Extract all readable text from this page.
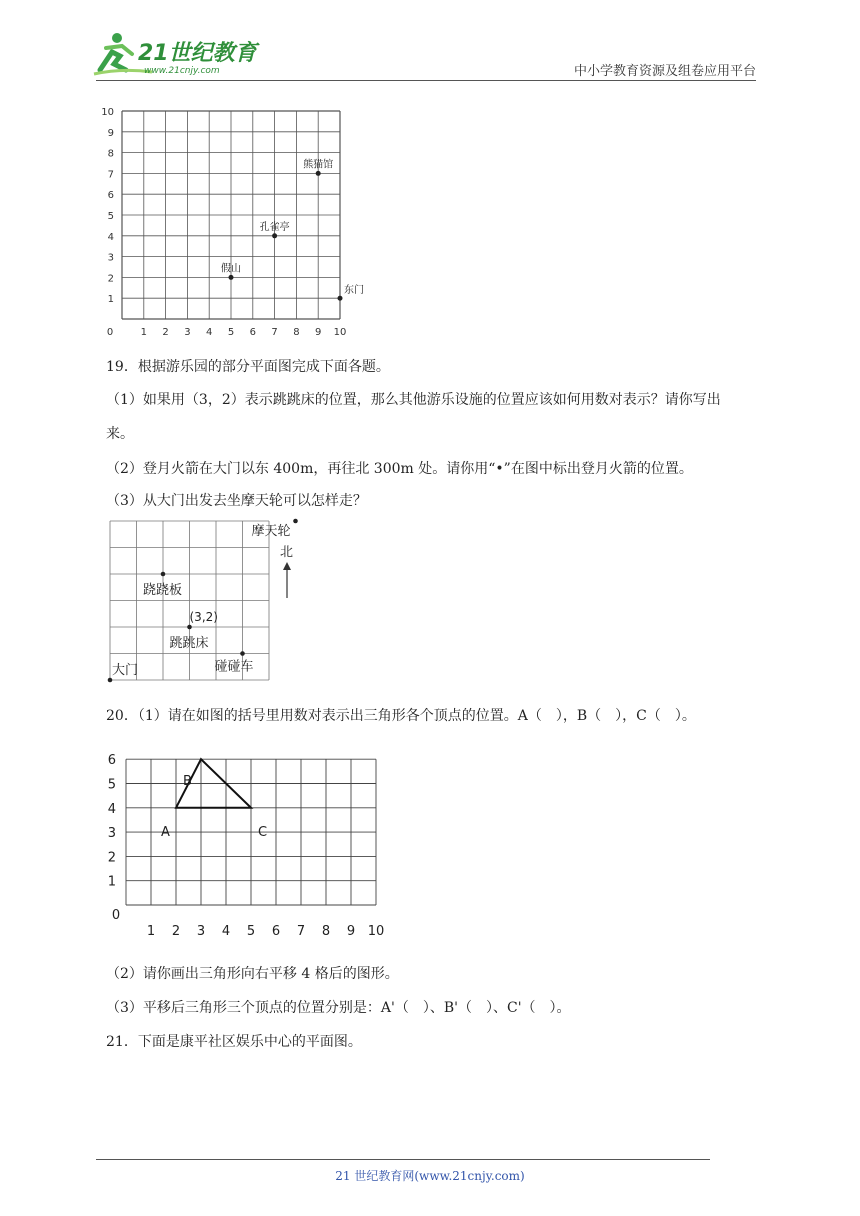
21世纪教育
www.21cnjy.com	中小学教育资源及组卷应用平台
0	1 2 3 4 5 6 7 8 9 10
1
2
3
4
5
6
7
8
9
10
熊猫馆
孔雀亭
假山
东门
19．根据游乐园的部分平面图完成下面各题。
（1）如果用（3，2）表示跳跳床的位置，那么其他游乐设施的位置应该如何用数对表示？请你写出
来。
（2）登月火箭在大门以东 400m，再往北 300m 处。请你用“•”在图中标出登月火箭的位置。
（3）从大门出发去坐摩天轮可以怎样走？
北
摩天轮
跷跷板
跳跳床
碰碰车
大门
(3,2)
20．（1）请在如图的括号里用数对表示出三角形各个顶点的位置。A（　），B（　），C（　）。
0
1 2 3 4 5 6 7 8 9 10
1
2
3
4
5
6
A
B
C
（2）请你画出三角形向右平移 4 格后的图形。
（3）平移后三角形三个顶点的位置分别是：A'（　）、B'（　）、C'（　）。
21．下面是康平社区娱乐中心的平面图。
21 世纪教育网(www.21cnjy.com)
